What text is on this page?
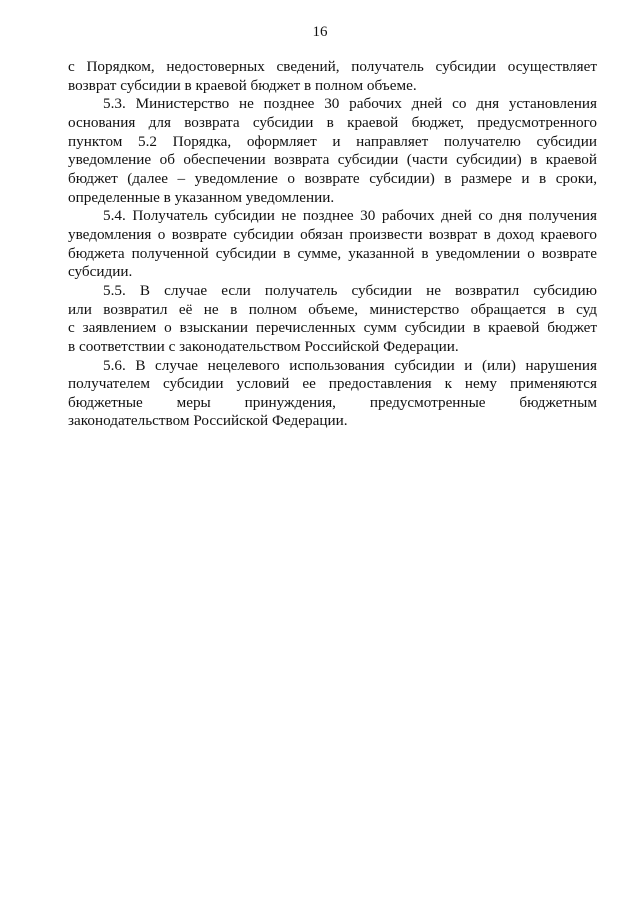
16
с Порядком, недостоверных сведений, получатель субсидии осуществляет
возврат субсидии в краевой бюджет в полном объеме.
5.3. Министерство не позднее 30 рабочих дней со дня установления
основания для возврата субсидии в краевой бюджет, предусмотренного
пунктом 5.2 Порядка, оформляет и направляет получателю субсидии
уведомление об обеспечении возврата субсидии (части субсидии) в краевой
бюджет (далее – уведомление о возврате субсидии) в размере и в сроки,
определенные в указанном уведомлении.
5.4. Получатель субсидии не позднее 30 рабочих дней со дня получения
уведомления о возврате субсидии обязан произвести возврат в доход краевого
бюджета полученной субсидии в сумме, указанной в уведомлении о возврате
субсидии.
5.5. В случае если получатель субсидии не возвратил субсидию
или возвратил её не в полном объеме, министерство обращается в суд
с заявлением о взыскании перечисленных сумм субсидии в краевой бюджет
в соответствии с законодательством Российской Федерации.
5.6. В случае нецелевого использования субсидии и (или) нарушения
получателем субсидии условий ее предоставления к нему применяются
бюджетные меры принуждения, предусмотренные бюджетным
законодательством Российской Федерации.
